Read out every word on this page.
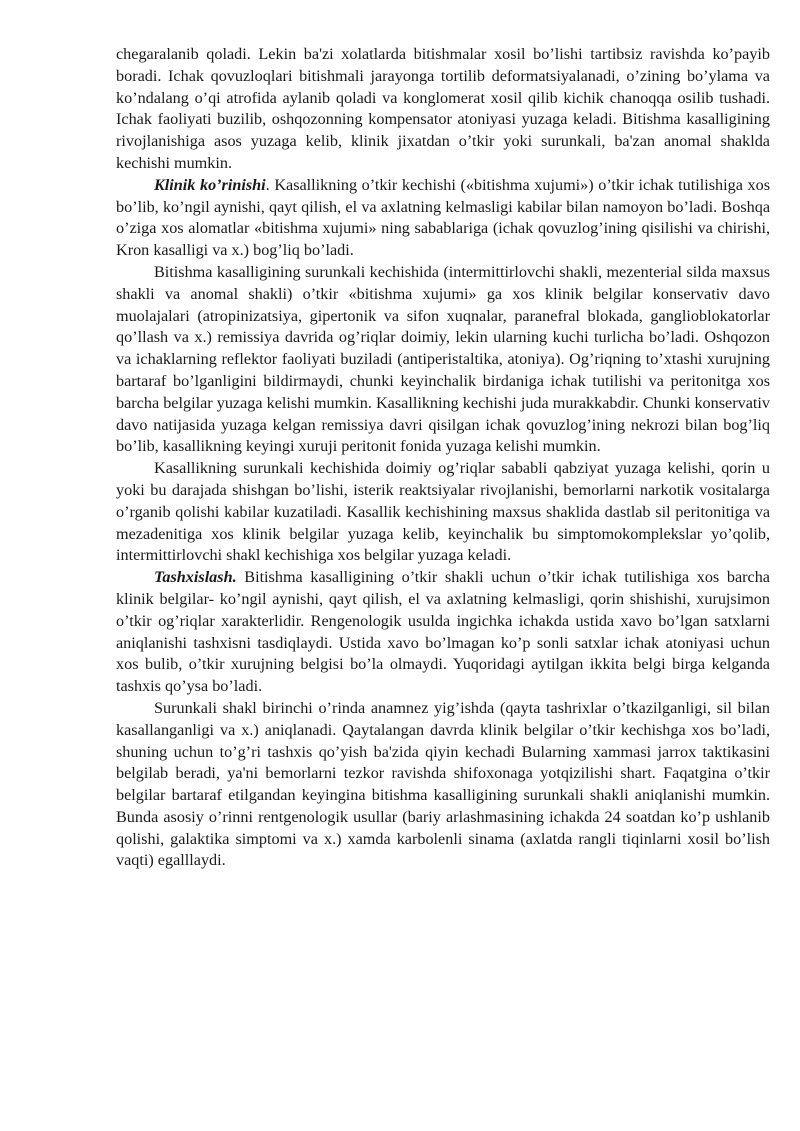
chegaralanib qoladi. Lekin ba'zi xolatlarda bitishmalar xosil bo’lishi tartibsiz ravishda ko’payib boradi. Ichak qovuzloqlari bitishmali jarayonga tortilib deformatsiyalanadi, o’zining bo’ylama va ko’ndalang o’qi atrofida aylanib qoladi va konglomerat xosil qilib kichik chanoqqa osilib tushadi. Ichak faoliyati buzilib, oshqozonning kompensator atoniyasi yuzaga keladi. Bitishma kasalligining rivojlanishiga asos yuzaga kelib, klinik jixatdan o’tkir yoki surunkali, ba'zan anomal shaklda kechishi mumkin.

Klinik ko’rinishi. Kasallikning o’tkir kechishi («bitishma xujumi») o’tkir ichak tutilishiga xos bo’lib, ko’ngil aynishi, qayt qilish, el va axlatning kelmasligi kabilar bilan namoyon bo’ladi. Boshqa o’ziga xos alomatlar «bitishma xujumi» ning sabablariga (ichak qovuzlog’ining qisilishi va chirishi, Kron kasalligi va x.) bog’liq bo’ladi.

Bitishma kasalligining surunkali kechishida (intermittirlovchi shakli, mezenterial silda maxsus shakli va anomal shakli) o’tkir «bitishma xujumi» ga xos klinik belgilar konservativ davo muolajalari (atropinizatsiya, gipertonik va sifon xuqnalar, paranefral blokada, ganglioblokatorlar qo’llash va x.) remissiya davrida og’riqlar doimiy, lekin ularning kuchi turlicha bo’ladi. Oshqozon va ichaklarning reflektor faoliyati buziladi (antiperistaltika, atoniya). Og’riqning to’xtashi xurujning bartaraf bo’lganligini bildirmaydi, chunki keyinchalik birdaniga ichak tutilishi va peritonitga xos barcha belgilar yuzaga kelishi mumkin. Kasallikning kechishi juda murakkabdir. Chunki konservativ davo natijasida yuzaga kelgan remissiya davri qisilgan ichak qovuzlog’ining nekrozi bilan bog’liq bo’lib, kasallikning keyingi xuruji peritonit fonida yuzaga kelishi mumkin.

Kasallikning surunkali kechishida doimiy og’riqlar sababli qabziyat yuzaga kelishi, qorin u yoki bu darajada shishgan bo’lishi, isterik reaktsiyalar rivojlanishi, bemorlarni narkotik vositalarga o’rganib qolishi kabilar kuzatiladi. Kasallik kechishining maxsus shaklida dastlab sil peritonitiga va mezadenitiga xos klinik belgilar yuzaga kelib, keyinchalik bu simptomokomplekslar yo’qolib, intermittirlovchi shakl kechishiga xos belgilar yuzaga keladi.

Tashxislash. Bitishma kasalligining o’tkir shakli uchun o’tkir ichak tutilishiga xos barcha klinik belgilar- ko’ngil aynishi, qayt qilish, el va axlatning kelmasligi, qorin shishishi, xurujsimon o’tkir og’riqlar xarakterlidir. Rengenologik usulda ingichka ichakda ustida xavo bo’lgan satxlarni aniqlanishi tashxisni tasdiqlaydi. Ustida xavo bo’lmagan ko’p sonli satxlar ichak atoniyasi uchun xos bulib, o’tkir xurujning belgisi bo’la olmaydi. Yuqoridagi aytilgan ikkita belgi birga kelganda tashxis qo’ysa bo’ladi.

Surunkali shakl birinchi o’rinda anamnez yig’ishda (qayta tashrixlar o’tkazilganligi, sil bilan kasallanganligi va x.) aniqlanadi. Qaytalangan davrda klinik belgilar o’tkir kechishga xos bo’ladi, shuning uchun to’g’ri tashxis qo’yish ba'zida qiyin kechadi Bularning xammasi jarrox taktikasini belgilab beradi, ya'ni bemorlarni tezkor ravishda shifoxonaga yotqizilishi shart. Faqatgina o’tkir belgilar bartaraf etilgandan keyingina bitishma kasalligining surunkali shakli aniqlanishi mumkin. Bunda asosiy o’rinni rentgenologik usullar (bariy arlashmasining ichakda 24 soatdan ko’p ushlanib qolishi, galaktika simptomi va x.) xamda karbolenli sinama (axlatda rangli tiqinlarni xosil bo’lish vaqti) egalllaydi.
